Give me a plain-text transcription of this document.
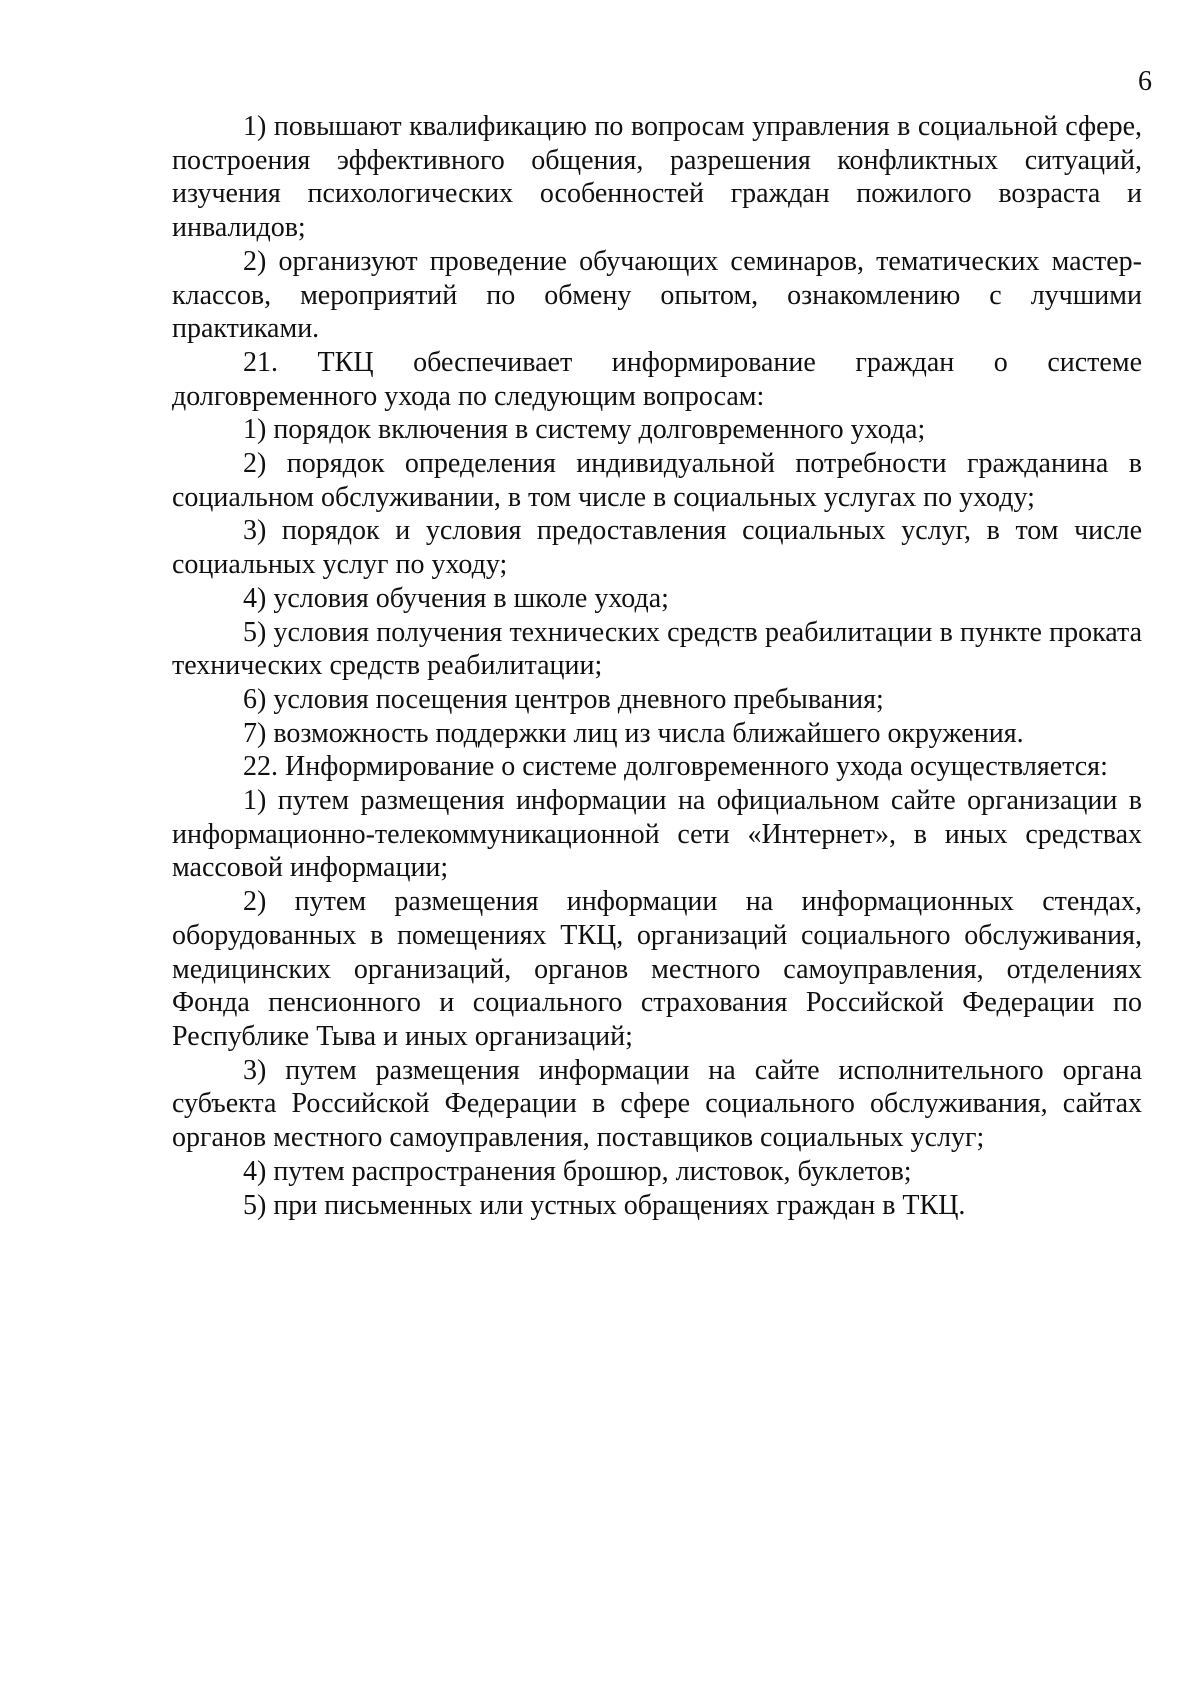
6

1) повышают квалификацию по вопросам управления в социальной сфере, построения эффективного общения, разрешения конфликтных ситуаций, изучения психологических особенностей граждан пожилого возраста и инвалидов;

2) организуют проведение обучающих семинаров, тематических мастер-классов, мероприятий по обмену опытом, ознакомлению с лучшими практиками.

21. ТКЦ обеспечивает информирование граждан о системе долговременного ухода по следующим вопросам:

1) порядок включения в систему долговременного ухода;

2) порядок определения индивидуальной потребности гражданина в социальном обслуживании, в том числе в социальных услугах по уходу;

3) порядок и условия предоставления социальных услуг, в том числе социальных услуг по уходу;

4) условия обучения в школе ухода;

5) условия получения технических средств реабилитации в пункте проката технических средств реабилитации;

6) условия посещения центров дневного пребывания;

7) возможность поддержки лиц из числа ближайшего окружения.

22. Информирование о системе долговременного ухода осуществляется:

1) путем размещения информации на официальном сайте организации в информационно-телекоммуникационной сети «Интернет», в иных средствах массовой информации;

2) путем размещения информации на информационных стендах, оборудованных в помещениях ТКЦ, организаций социального обслуживания, медицинских организаций, органов местного самоуправления, отделениях Фонда пенсионного и социального страхования Российской Федерации по Республике Тыва и иных организаций;

3) путем размещения информации на сайте исполнительного органа субъекта Российской Федерации в сфере социального обслуживания, сайтах органов местного самоуправления, поставщиков социальных услуг;

4) путем распространения брошюр, листовок, буклетов;

5) при письменных или устных обращениях граждан в ТКЦ.
